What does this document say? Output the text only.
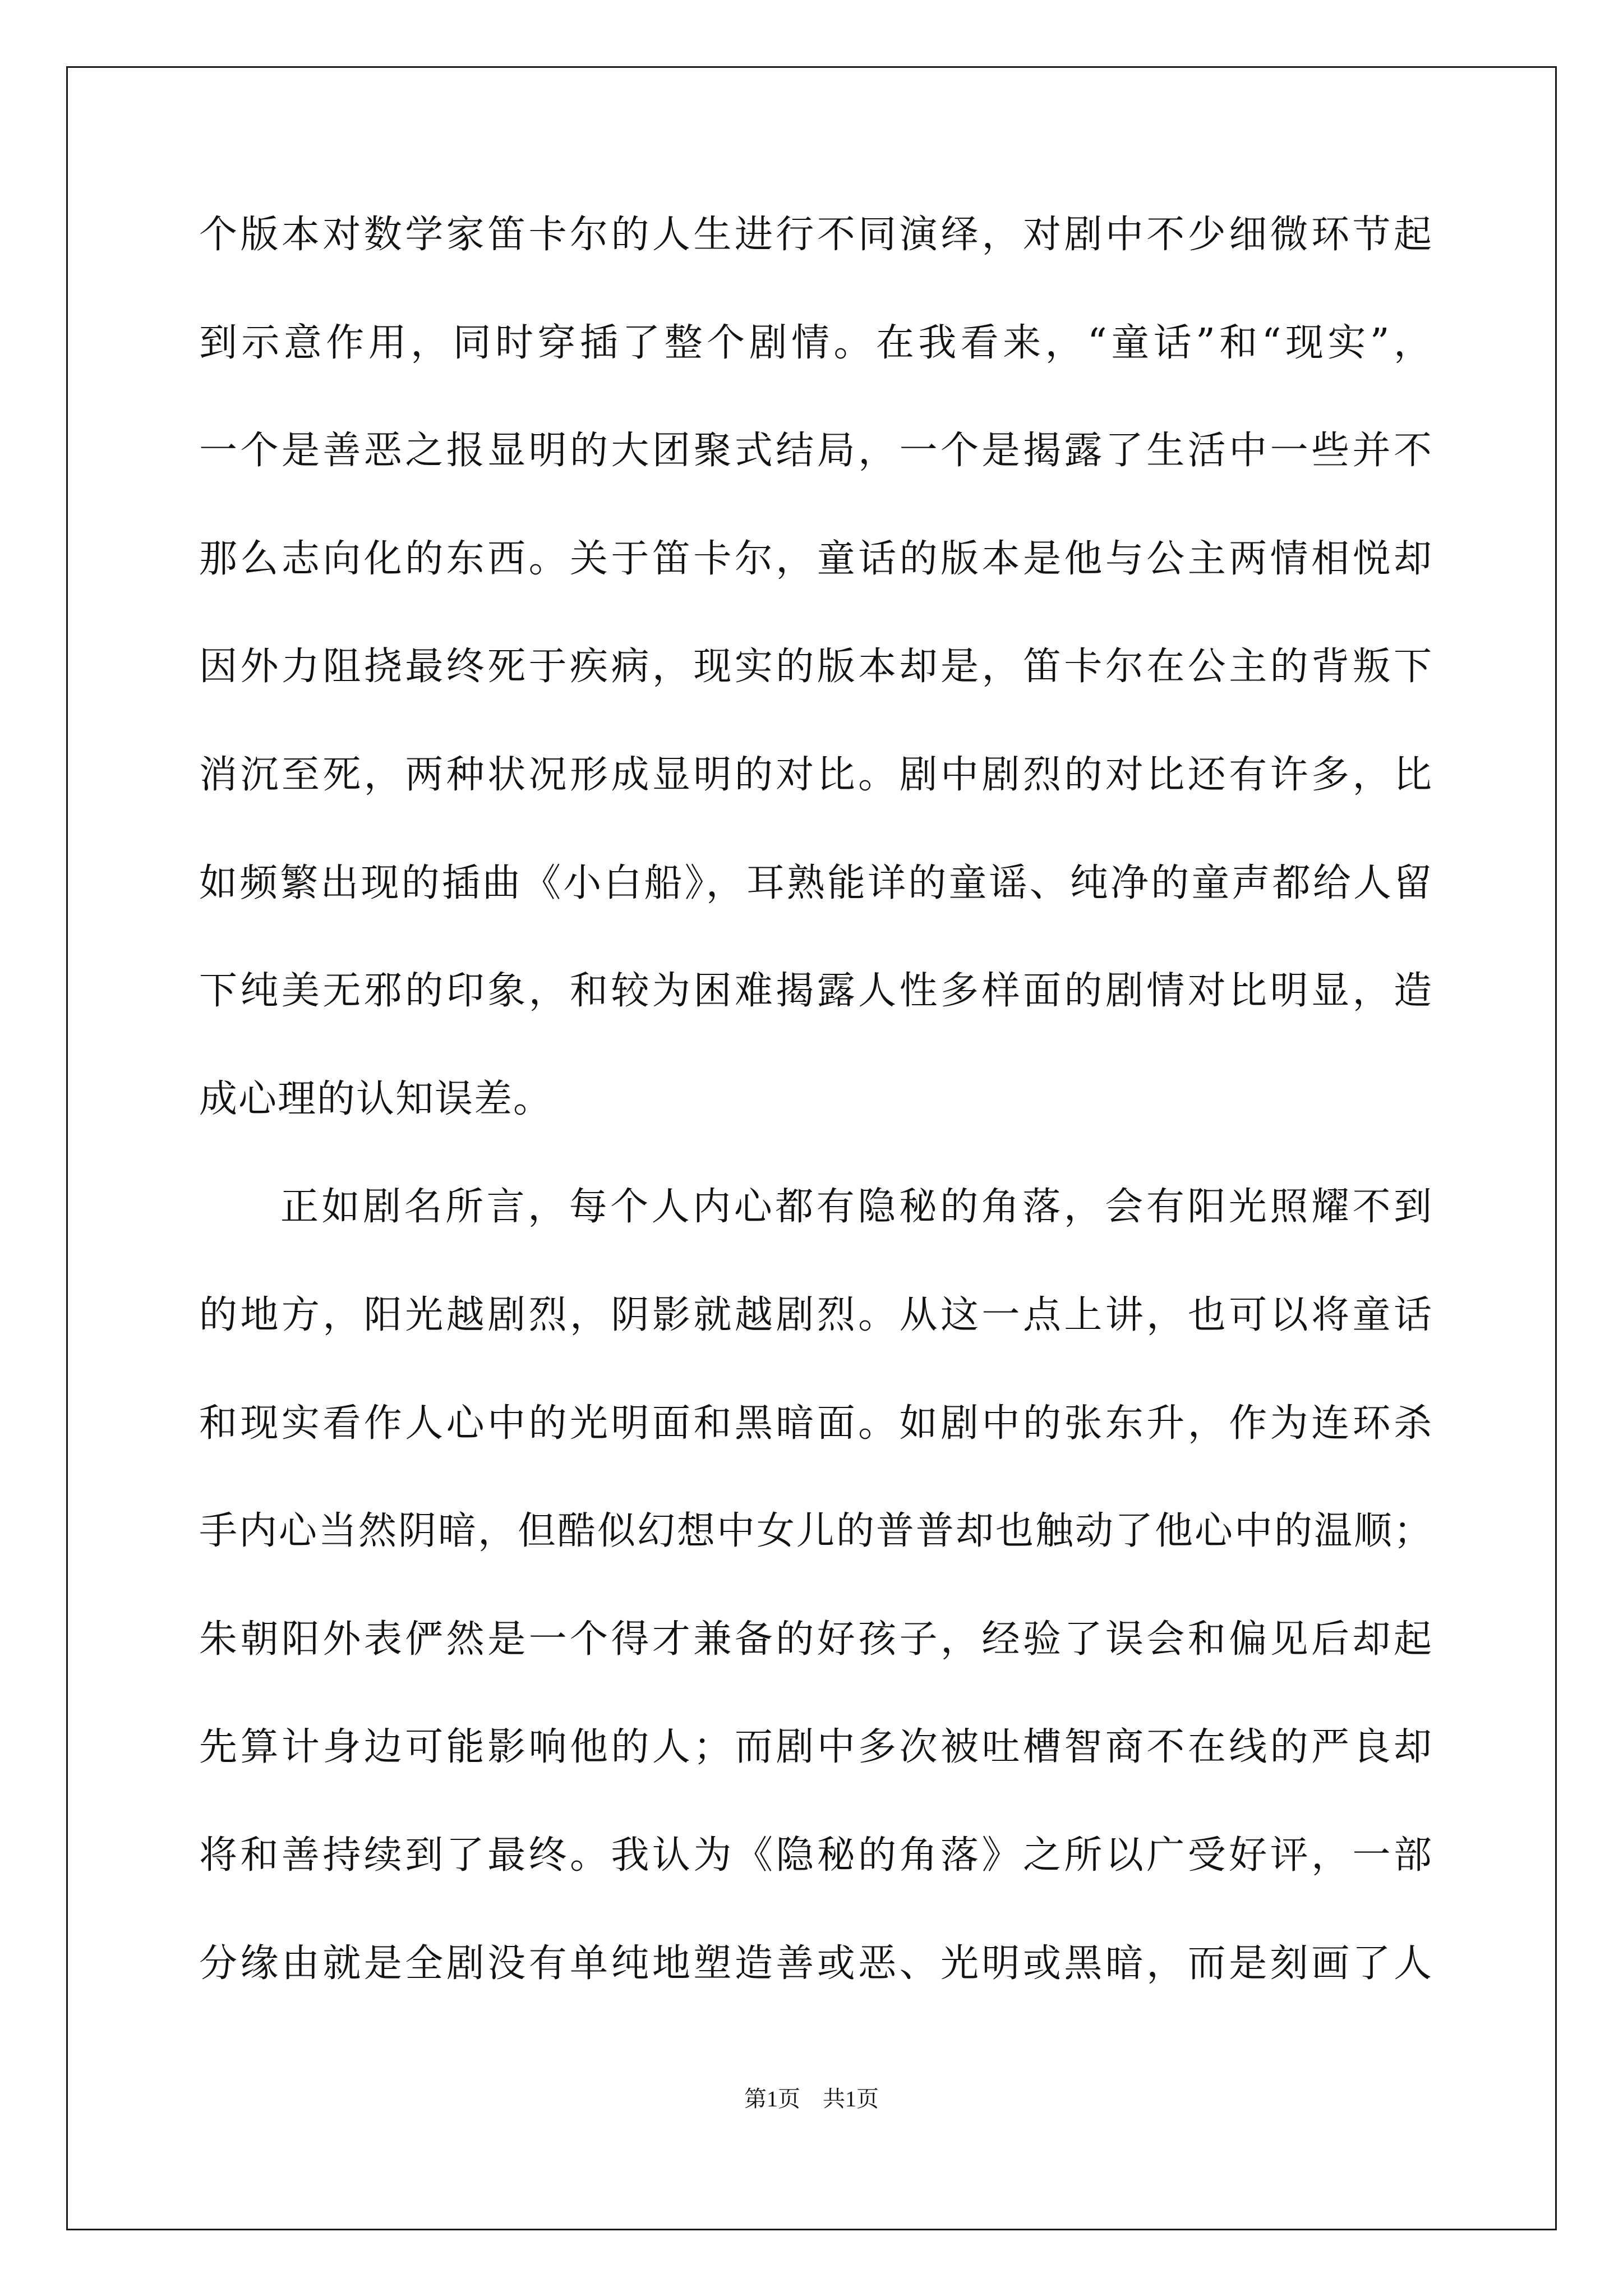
个版本对数学家笛卡尔的人生进行不同演绎，对剧中不少细微环节起
到示意作用，同时穿插了整个剧情。在我看来，“童话”和“现实”，
一个是善恶之报显明的大团聚式结局，一个是揭露了生活中一些并不
那么志向化的东西。关于笛卡尔，童话的版本是他与公主两情相悦却
因外力阻挠最终死于疾病，现实的版本却是，笛卡尔在公主的背叛下
消沉至死，两种状况形成显明的对比。剧中剧烈的对比还有许多，比
如频繁出现的插曲《小白船》，耳熟能详的童谣、纯净的童声都给人留
下纯美无邪的印象，和较为困难揭露人性多样面的剧情对比明显，造
成心理的认知误差。
正如剧名所言，每个人内心都有隐秘的角落，会有阳光照耀不到
的地方，阳光越剧烈，阴影就越剧烈。从这一点上讲，也可以将童话
和现实看作人心中的光明面和黑暗面。如剧中的张东升，作为连环杀
手内心当然阴暗，但酷似幻想中女儿的普普却也触动了他心中的温顺；
朱朝阳外表俨然是一个得才兼备的好孩子，经验了误会和偏见后却起
先算计身边可能影响他的人；而剧中多次被吐槽智商不在线的严良却
将和善持续到了最终。我认为《隐秘的角落》之所以广受好评，一部
分缘由就是全剧没有单纯地塑造善或恶、光明或黑暗，而是刻画了人
第1页　共1页
